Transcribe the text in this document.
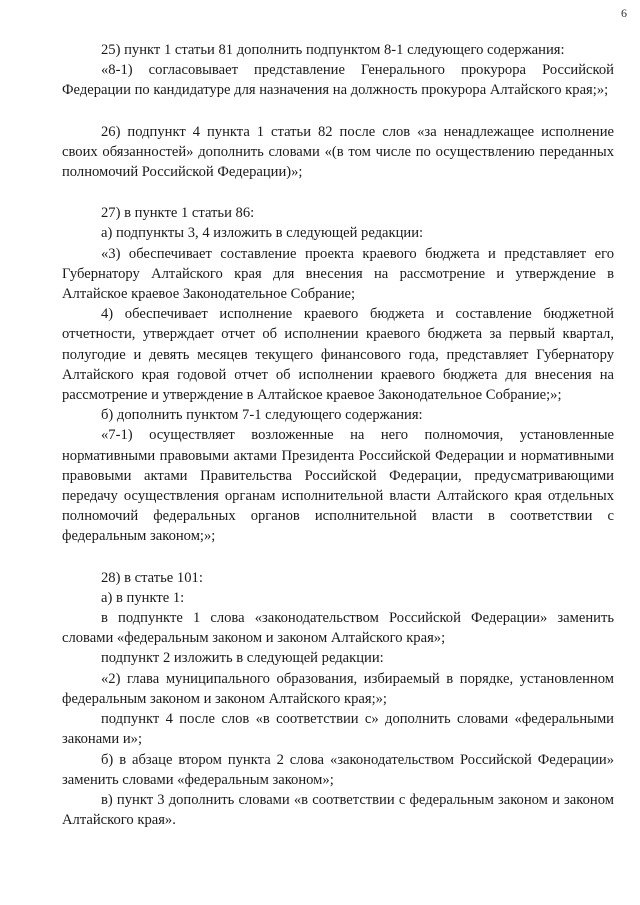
6

25) пункт 1 статьи 81 дополнить подпунктом 8-1 следующего содержания:

«8-1) согласовывает представление Генерального прокурора Российской Федерации по кандидатуре для назначения на должность прокурора Алтайского края;»;

26) подпункт 4 пункта 1 статьи 82 после слов «за ненадлежащее исполнение своих обязанностей» дополнить словами «(в том числе по осуществлению переданных полномочий Российской Федерации)»;

27) в пункте 1 статьи 86:

а) подпункты 3, 4 изложить в следующей редакции:

«3) обеспечивает составление проекта краевого бюджета и представляет его Губернатору Алтайского края для внесения на рассмотрение и утверждение в Алтайское краевое Законодательное Собрание;

4) обеспечивает исполнение краевого бюджета и составление бюджетной отчетности, утверждает отчет об исполнении краевого бюджета за первый квартал, полугодие и девять месяцев текущего финансового года, представляет Губернатору Алтайского края годовой отчет об исполнении краевого бюджета для внесения на рассмотрение и утверждение в Алтайское краевое Законодательное Собрание;»;

б) дополнить пунктом 7-1 следующего содержания:

«7-1) осуществляет возложенные на него полномочия, установленные нормативными правовыми актами Президента Российской Федерации и нормативными правовыми актами Правительства Российской Федерации, предусматривающими передачу осуществления органам исполнительной власти Алтайского края отдельных полномочий федеральных органов исполнительной власти в соответствии с федеральным законом;»;

28) в статье 101:

а) в пункте 1:

в подпункте 1 слова «законодательством Российской Федерации» заменить словами «федеральным законом и законом Алтайского края»;

подпункт 2 изложить в следующей редакции:

«2) глава муниципального образования, избираемый в порядке, установленном федеральным законом и законом Алтайского края;»;

подпункт 4 после слов «в соответствии с» дополнить словами «федеральными законами и»;

б) в абзаце втором пункта 2 слова «законодательством Российской Федерации» заменить словами «федеральным законом»;

в) пункт 3 дополнить словами «в соответствии с федеральным законом и законом Алтайского края».
